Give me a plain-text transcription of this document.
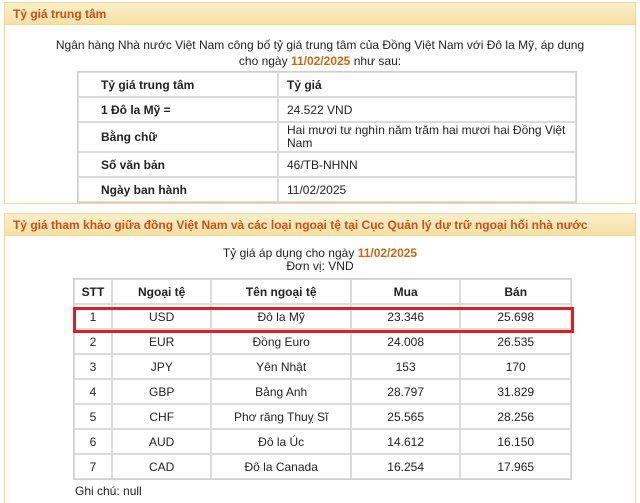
Tỷ giá trung tâm
Ngân hàng Nhà nước Việt Nam công bố tỷ giá trung tâm của Đồng Việt Nam với Đô la Mỹ, áp dụng
cho ngày 11/02/2025 như sau:
Tỷ giá trung tâm	Tỷ giá
1 Đô la Mỹ =	24.522 VND
Bằng chữ	Hai mươi tư nghìn năm trăm hai mươi hai Đồng Việt Nam
Số văn bản	46/TB-NHNN
Ngày ban hành	11/02/2025
Tỷ giá tham khảo giữa đồng Việt Nam và các loại ngoại tệ tại Cục Quản lý dự trữ ngoại hối nhà nước
Tỷ giá áp dụng cho ngày 11/02/2025
Đơn vị: VND
STT	Ngoại tệ	Tên ngoại tệ	Mua	Bán
1	USD	Đô la Mỹ	23.346	25.698
2	EUR	Đồng Euro	24.008	26.535
3	JPY	Yên Nhật	153	170
4	GBP	Bảng Anh	28.797	31.829
5	CHF	Phơ răng Thuỵ Sĩ	25.565	28.256
6	AUD	Đô la Úc	14.612	16.150
7	CAD	Đô la Canada	16.254	17.965
Ghi chú: null
